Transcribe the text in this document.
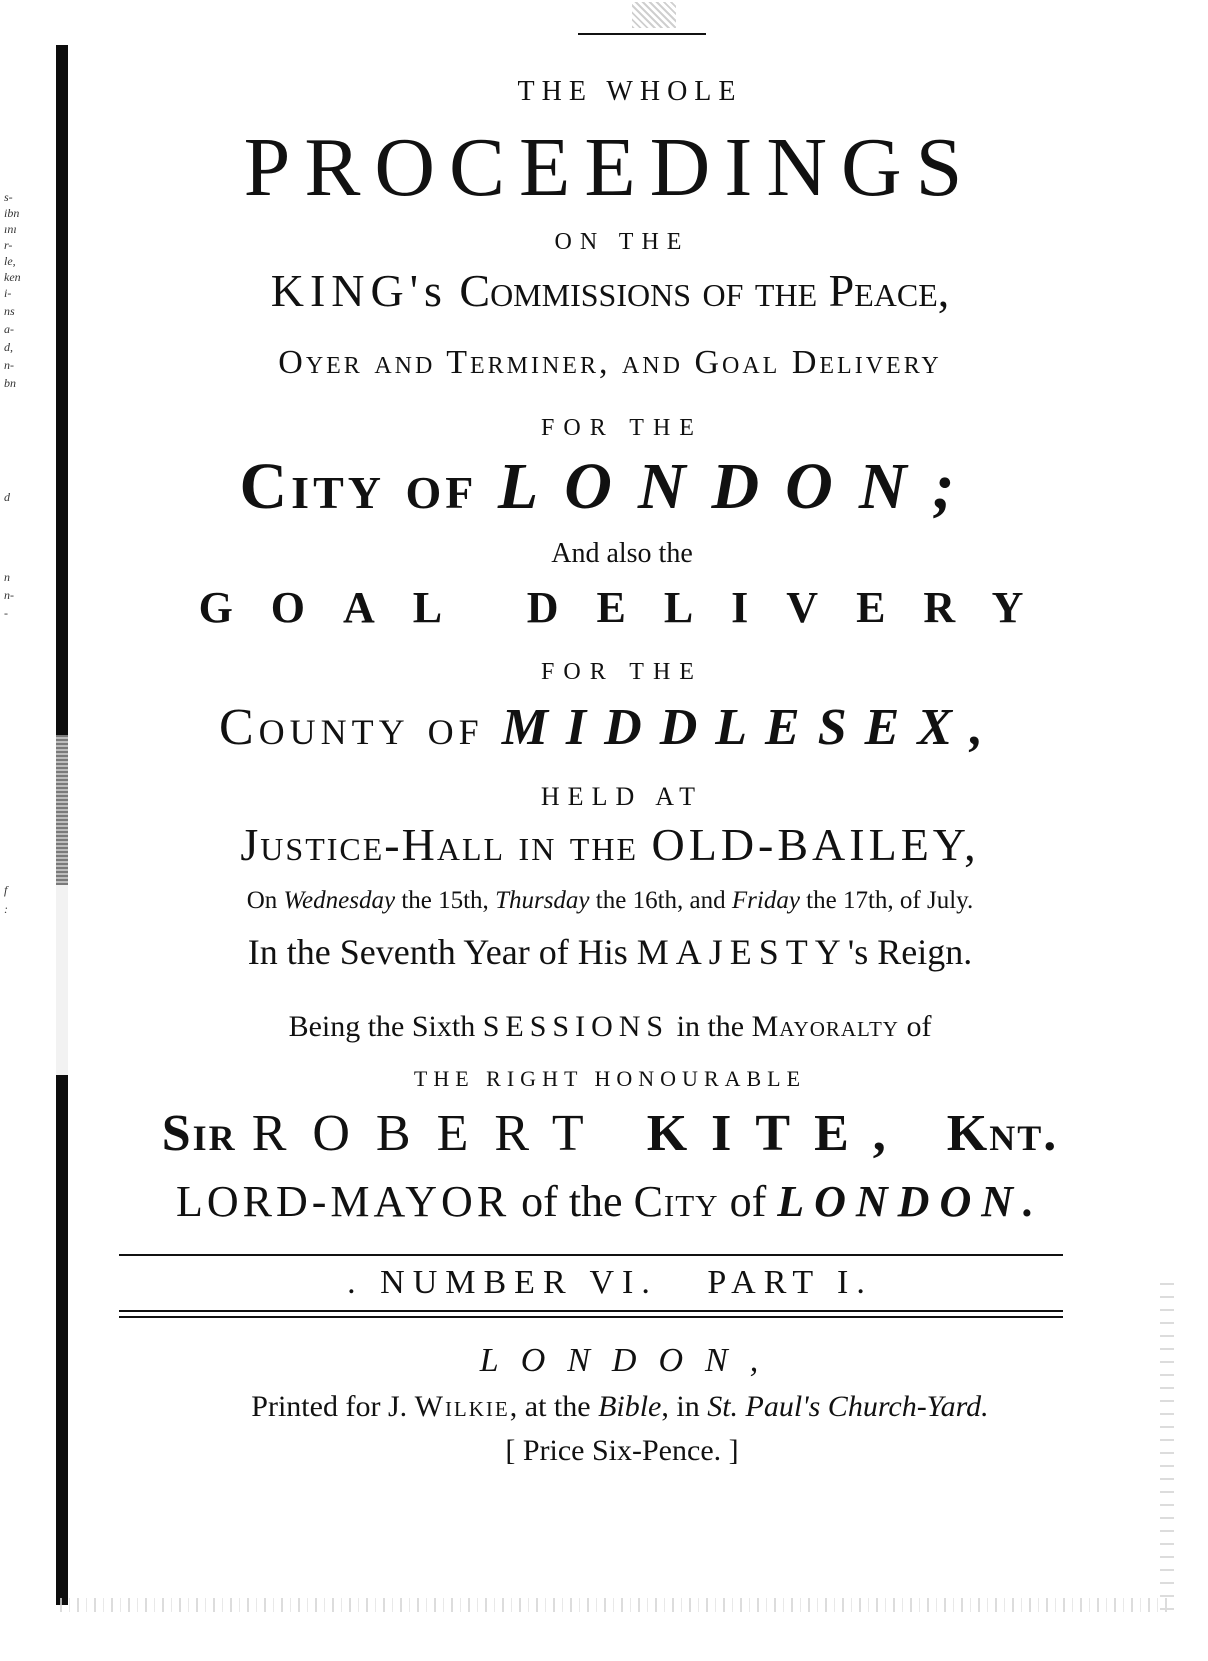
s-
ibn
ını
r-
le,
ken
i-
ns
a-
d,
n-
bn
d
n
n-
-
f
:
THE WHOLE
PROCEEDINGS
ON THE
KING's Commissions of the Peace,
Oyer and Terminer, and Goal Delivery
FOR THE
City of LONDON;
And also the
GOAL DELIVERY
FOR THE
County of MIDDLESEX,
HELD AT
Justice-Hall in the OLD-BAILEY,
On Wednesday the 15th, Thursday the 16th, and Friday the 17th, of July.
In the Seventh Year of His MAJESTY's Reign.
Being the Sixth SESSIONS in the Mayoralty of
THE RIGHT HONOURABLE
Sir ROBERT KITE, Knt.
LORD-MAYOR of the City of LONDON.
. NUMBER VI.   PART I.
LONDON,
Printed for J. Wilkie, at the Bible, in St. Paul's Church-Yard.
[ Price Six-Pence. ]
